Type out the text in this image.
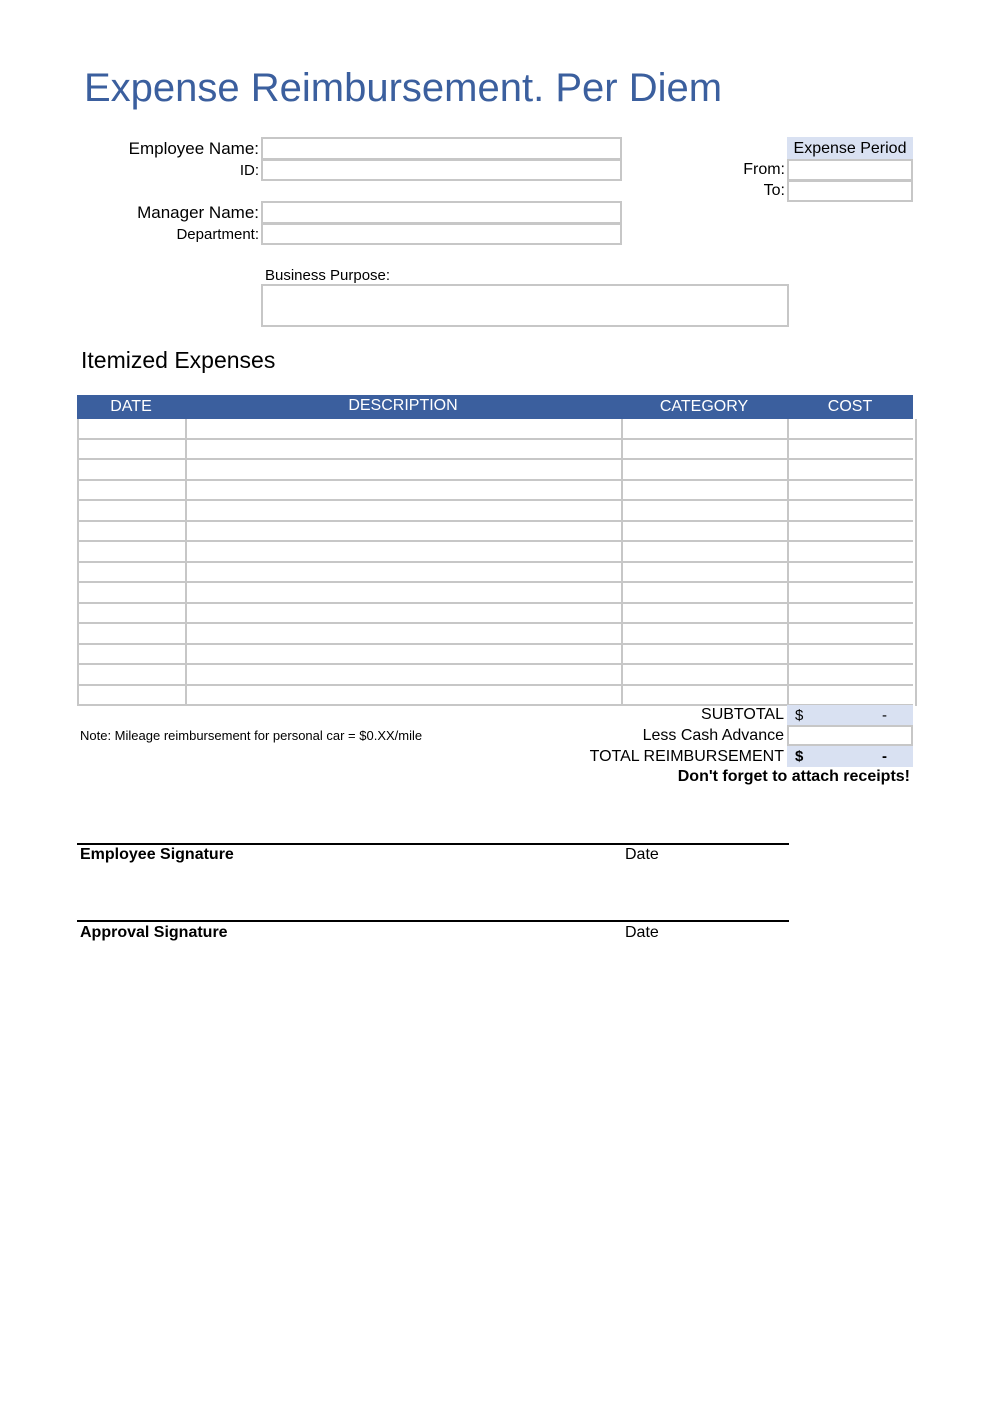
Expense Reimbursement. Per Diem
Employee Name:
ID:
Manager Name:
Department:
Business Purpose:
Expense Period
From:
To:
Itemized Expenses
DATE	DESCRIPTION	CATEGORY	COST
Note: Mileage reimbursement for personal car = $0.XX/mile
SUBTOTAL $	-
Less Cash Advance
TOTAL REIMBURSEMENT $	-
Don't forget to attach receipts!
Employee Signature	Date
Approval Signature	Date
